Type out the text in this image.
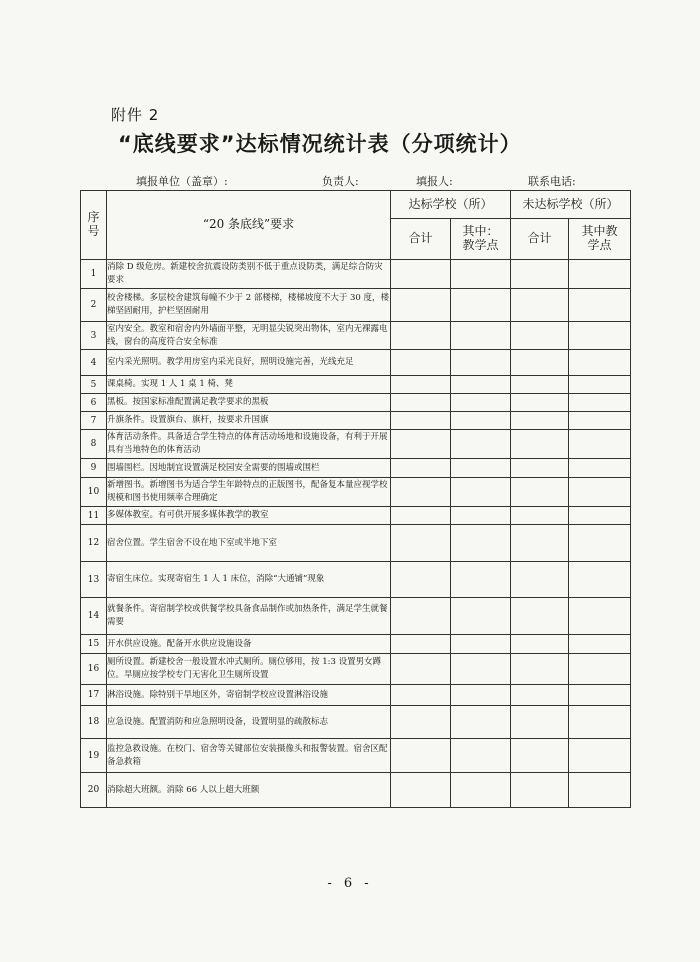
附件 2
“底线要求”达标情况统计表（分项统计）
填报单位（盖章）:	负责人:	填报人:	联系电话:
序号	“20 条底线”要求	达标学校（所）		未达标学校（所）	
		合计	其中：教学点	合计	其中教学点
1	消除 D 级危房。新建校舍抗震设防类别不低于重点设防类，满足综合防灾要求				
2	校舍楼梯。多层校舍建筑每幢不少于 2 部楼梯，楼梯坡度不大于 30 度，楼梯坚固耐用，护栏坚固耐用				
3	室内安全。教室和宿舍内外墙面平整，无明显尖锐突出物体，室内无裸露电线，窗台的高度符合安全标准				
4	室内采光照明。教学用房室内采光良好，照明设施完善，光线充足				
5	课桌椅。实现 1 人 1 桌 1 椅、凳				
6	黑板。按国家标准配置满足教学要求的黑板				
7	升旗条件。设置旗台、旗杆，按要求升国旗				
8	体育活动条件。具备适合学生特点的体育活动场地和设施设备，有利于开展具有当地特色的体育活动				
9	围墙围栏。因地制宜设置满足校园安全需要的围墙或围栏				
10	新增图书。新增图书为适合学生年龄特点的正版图书，配备复本量应视学校规模和图书使用频率合理确定				
11	多媒体教室。有可供开展多媒体教学的教室				
12	宿舍位置。学生宿舍不设在地下室或半地下室				
13	寄宿生床位。实现寄宿生 1 人 1 床位，消除“大通铺”现象				
14	就餐条件。寄宿制学校或供餐学校具备食品制作或加热条件，满足学生就餐需要				
15	开水供应设施。配备开水供应设施设备				
16	厕所设置。新建校舍一般设置水冲式厕所。厕位够用，按 1:3 设置男女蹲位。旱厕应按学校专门无害化卫生厕所设置				
17	淋浴设施。除特别干旱地区外，寄宿制学校应设置淋浴设施				
18	应急设施。配置消防和应急照明设备，设置明显的疏散标志				
19	监控急救设施。在校门、宿舍等关键部位安装摄像头和报警装置。宿舍区配备急救箱				
20	消除超大班额。消除 66 人以上超大班额				
- 6 -
